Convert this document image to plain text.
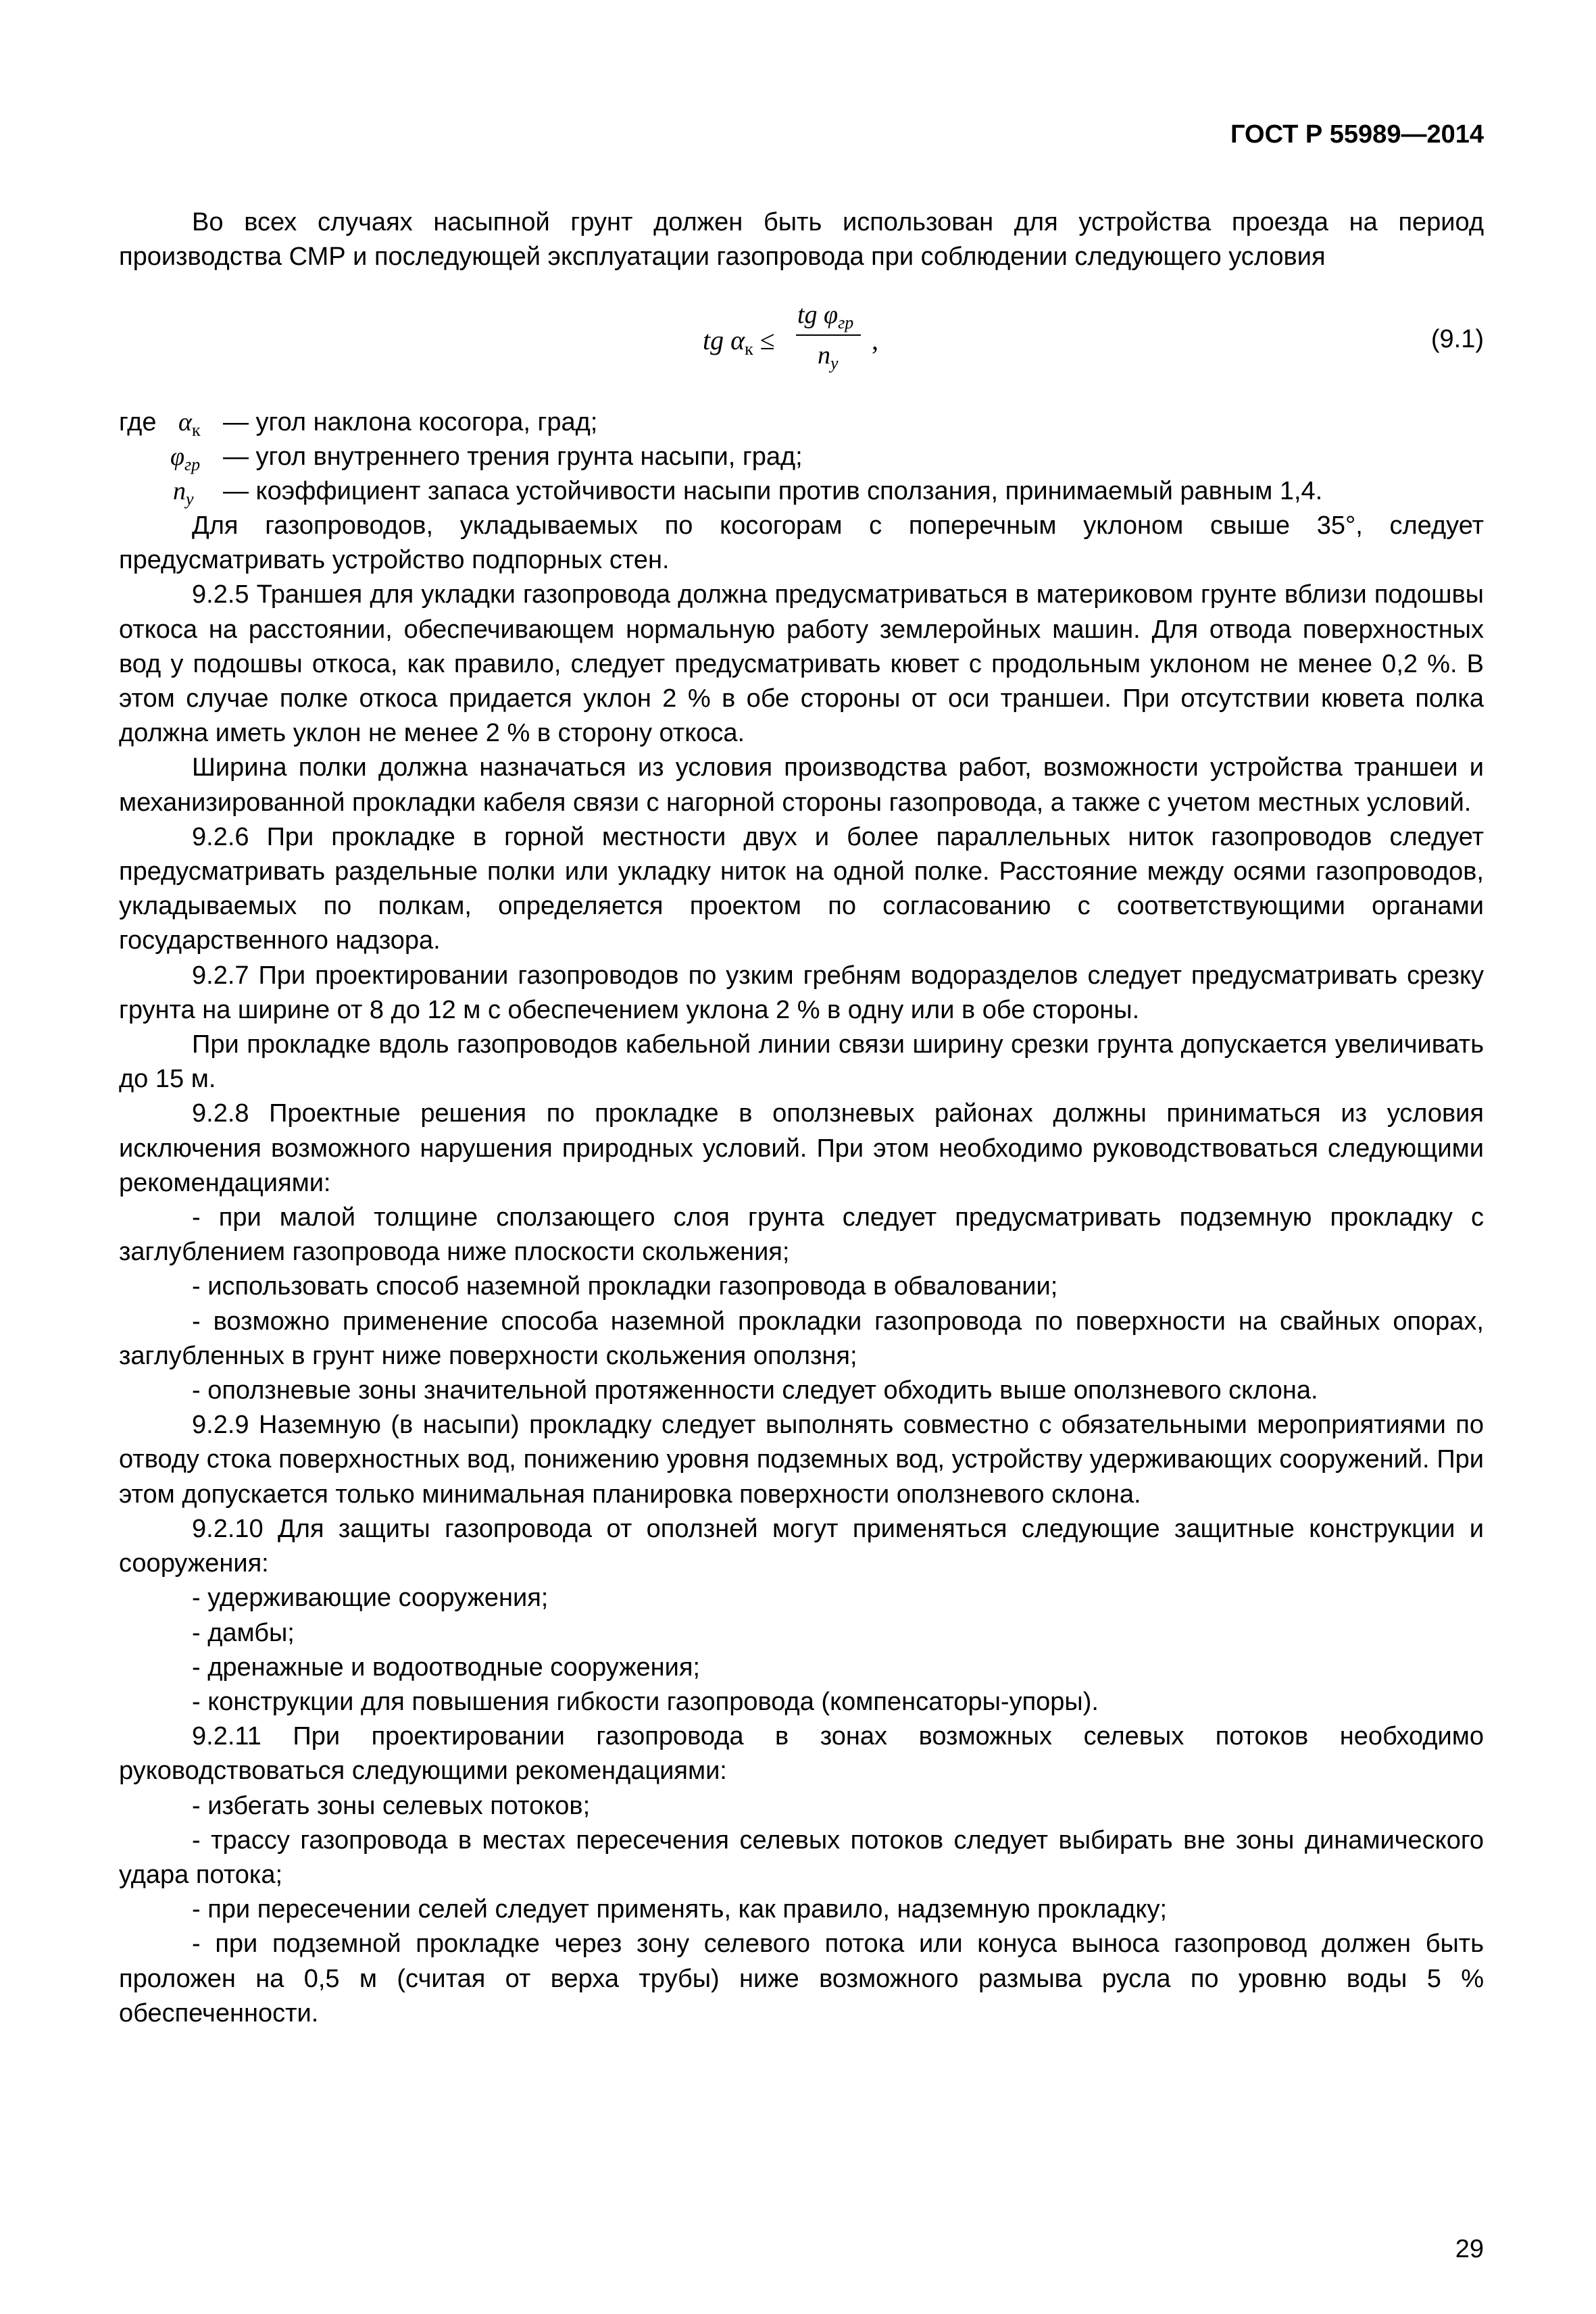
ГОСТ Р 55989—2014

Во всех случаях насыпной грунт должен быть использован для устройства проезда на период производства СМР и последующей эксплуатации газопровода при соблюдении следующего условия

tg $\alpha_к$ ≤
tg $\varphi_{гр}$
$n_y$
,	(9.1)
где $\alpha_к$ — угол наклона косогора, град;
$\varphi_{гр}$ — угол внутреннего трения грунта насыпи, град;
$n_y$ — коэффициент запаса устойчивости насыпи против сползания, принимаемый равным 1,4.

Для газопроводов, укладываемых по косогорам с поперечным уклоном свыше 35°, следует предусматривать устройство подпорных стен.

9.2.5 Траншея для укладки газопровода должна предусматриваться в материковом грунте вблизи подошвы откоса на расстоянии, обеспечивающем нормальную работу землеройных машин. Для отвода поверхностных вод у подошвы откоса, как правило, следует предусматривать кювет с продольным уклоном не менее 0,2 %. В этом случае полке откоса придается уклон 2 % в обе стороны от оси траншеи. При отсутствии кювета полка должна иметь уклон не менее 2 % в сторону откоса.

Ширина полки должна назначаться из условия производства работ, возможности устройства траншеи и механизированной прокладки кабеля связи с нагорной стороны газопровода, а также с учетом местных условий.

9.2.6 При прокладке в горной местности двух и более параллельных ниток газопроводов следует предусматривать раздельные полки или укладку ниток на одной полке. Расстояние между осями газопроводов, укладываемых по полкам, определяется проектом по согласованию с соответствующими органами государственного надзора.

9.2.7 При проектировании газопроводов по узким гребням водоразделов следует предусматривать срезку грунта на ширине от 8 до 12 м с обеспечением уклона 2 % в одну или в обе стороны.

При прокладке вдоль газопроводов кабельной линии связи ширину срезки грунта допускается увеличивать до 15 м.

9.2.8 Проектные решения по прокладке в оползневых районах должны приниматься из условия исключения возможного нарушения природных условий. При этом необходимо руководствоваться следующими рекомендациями:

- при малой толщине сползающего слоя грунта следует предусматривать подземную прокладку с заглублением газопровода ниже плоскости скольжения;

- использовать способ наземной прокладки газопровода в обваловании;

- возможно применение способа наземной прокладки газопровода по поверхности на свайных опорах, заглубленных в грунт ниже поверхности скольжения оползня;

- оползневые зоны значительной протяженности следует обходить выше оползневого склона.

9.2.9 Наземную (в насыпи) прокладку следует выполнять совместно с обязательными мероприятиями по отводу стока поверхностных вод, понижению уровня подземных вод, устройству удерживающих сооружений. При этом допускается только минимальная планировка поверхности оползневого склона.

9.2.10 Для защиты газопровода от оползней могут применяться следующие защитные конструкции и сооружения:

- удерживающие сооружения;

- дамбы;

- дренажные и водоотводные сооружения;

- конструкции для повышения гибкости газопровода (компенсаторы-упоры).

9.2.11 При проектировании газопровода в зонах возможных селевых потоков необходимо руководствоваться следующими рекомендациями:

- избегать зоны селевых потоков;

- трассу газопровода в местах пересечения селевых потоков следует выбирать вне зоны динамического удара потока;

- при пересечении селей следует применять, как правило, надземную прокладку;

- при подземной прокладке через зону селевого потока или конуса выноса газопровод должен быть проложен на 0,5 м (считая от верха трубы) ниже возможного размыва русла по уровню воды 5 % обеспеченности.

29
